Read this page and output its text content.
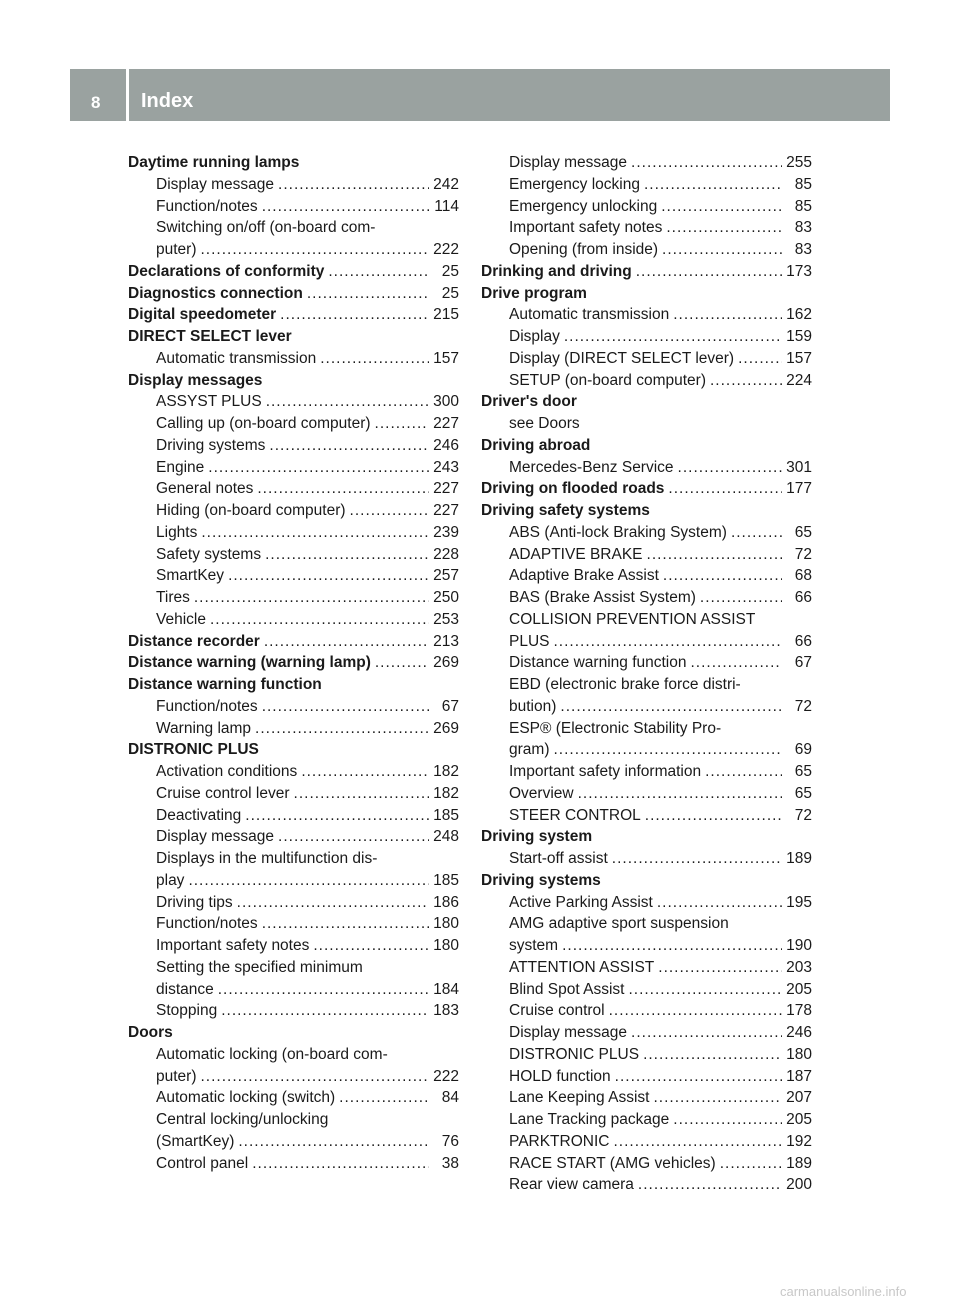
8 Index
Daytime running lamps
Display message .....	242
Function/notes .....	114
Switching on/off (on-board com-
puter) .....	222
Declarations of conformity .....	25
Diagnostics connection .....	25
Digital speedometer .....	215
DIRECT SELECT lever
Automatic transmission .....	157
Display messages
ASSYST PLUS .....	300
Calling up (on-board computer) .....	227
Driving systems .....	246
Engine .....	243
General notes .....	227
Hiding (on-board computer) .....	227
Lights .....	239
Safety systems .....	228
SmartKey .....	257
Tires .....	250
Vehicle .....	253
Distance recorder .....	213
Distance warning (warning lamp) .....	269
Distance warning function
Function/notes .....	67
Warning lamp .....	269
DISTRONIC PLUS
Activation conditions .....	182
Cruise control lever .....	182
Deactivating .....	185
Display message .....	248
Displays in the multifunction dis-
play .....	185
Driving tips .....	186
Function/notes .....	180
Important safety notes .....	180
Setting the specified minimum
distance .....	184
Stopping .....	183
Doors
Automatic locking (on-board com-
puter) .....	222
Automatic locking (switch) .....	84
Central locking/unlocking
(SmartKey) .....	76
Control panel .....	38
Display message .....	255
Emergency locking .....	85
Emergency unlocking .....	85
Important safety notes .....	83
Opening (from inside) .....	83
Drinking and driving .....	173
Drive program
Automatic transmission .....	162
Display .....	159
Display (DIRECT SELECT lever) .....	157
SETUP (on-board computer) .....	224
Driver's door
see Doors
Driving abroad
Mercedes-Benz Service .....	301
Driving on flooded roads .....	177
Driving safety systems
ABS (Anti-lock Braking System) .....	65
ADAPTIVE BRAKE .....	72
Adaptive Brake Assist .....	68
BAS (Brake Assist System) .....	66
COLLISION PREVENTION ASSIST
PLUS .....	66
Distance warning function .....	67
EBD (electronic brake force distri-
bution) .....	72
ESP® (Electronic Stability Pro-
gram) .....	69
Important safety information .....	65
Overview .....	65
STEER CONTROL .....	72
Driving system
Start-off assist .....	189
Driving systems
Active Parking Assist .....	195
AMG adaptive sport suspension
system .....	190
ATTENTION ASSIST .....	203
Blind Spot Assist .....	205
Cruise control .....	178
Display message .....	246
DISTRONIC PLUS .....	180
HOLD function .....	187
Lane Keeping Assist .....	207
Lane Tracking package .....	205
PARKTRONIC .....	192
RACE START (AMG vehicles) .....	189
Rear view camera .....	200
carmanualsonline.info
